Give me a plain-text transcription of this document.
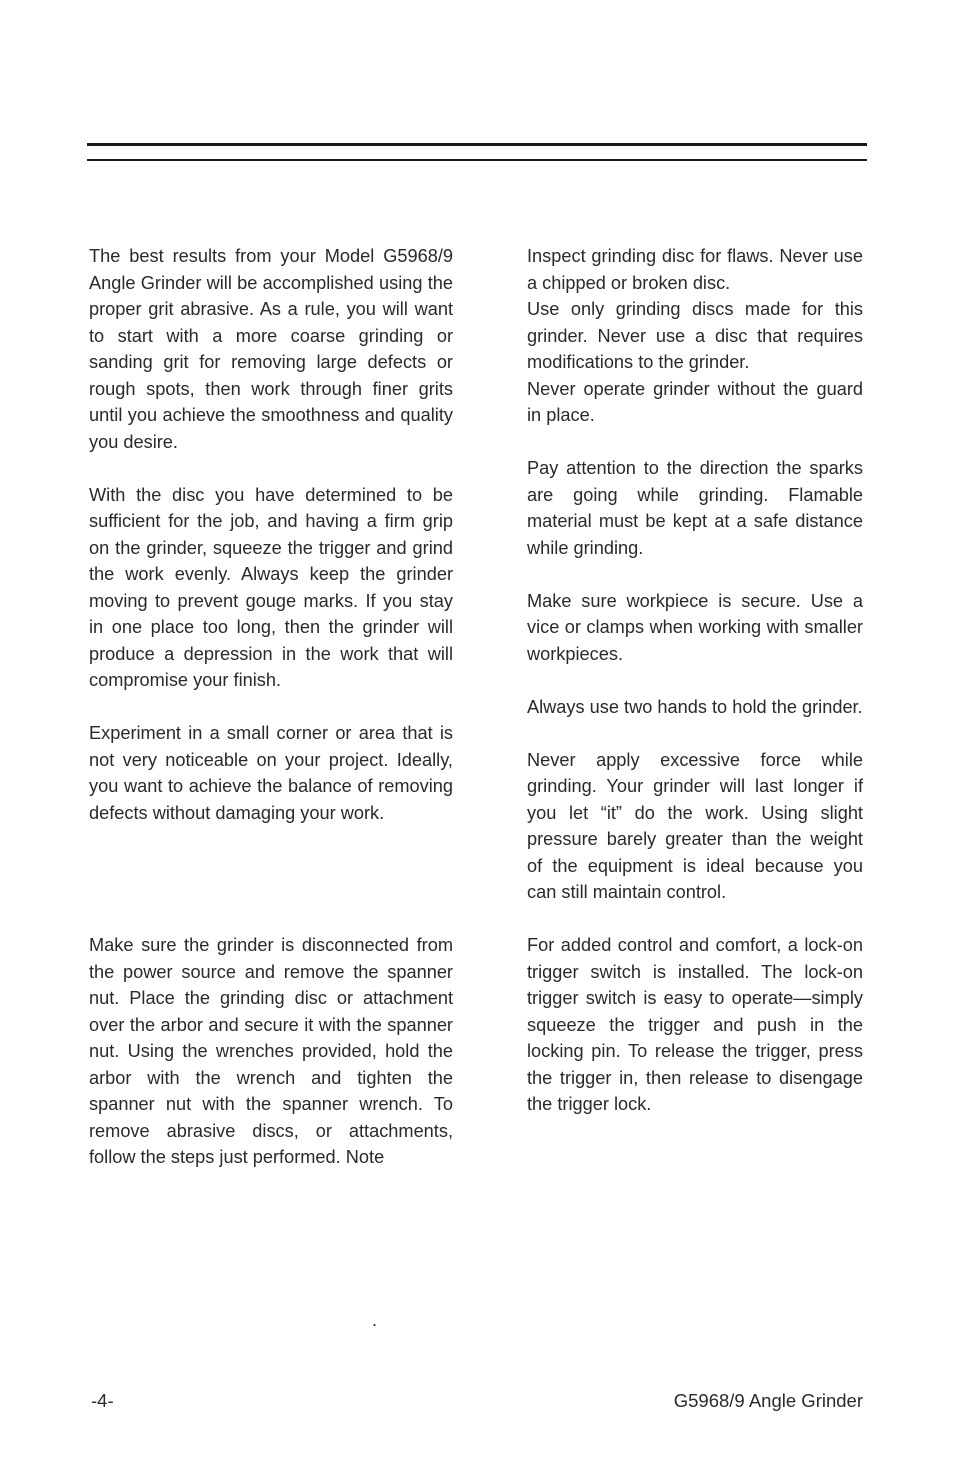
The best results from your Model G5968/9 Angle Grinder will be accomplished using the proper grit abrasive. As a rule, you will want to start with a more coarse grinding or sanding grit for removing large defects or rough spots, then work through finer grits until you achieve the smoothness and quality you desire.

With the disc you have determined to be sufficient for the job, and having a firm grip on the grinder, squeeze the trigger and grind the work evenly. Always keep the grinder moving to prevent gouge marks. If you stay in one place too long, then the grinder will produce a depression in the work that will compromise your finish.

Experiment in a small corner or area that is not very noticeable on your project. Ideally, you want to achieve the balance of removing defects without damaging your work.

Make sure the grinder is disconnected from the power source and remove the spanner nut. Place the grinding disc or attachment over the arbor and secure it with the spanner nut. Using the wrenches provided, hold the arbor with the wrench and tighten the spanner nut with the spanner wrench. To remove abrasive discs, or attachments, follow the steps just performed. Note

Inspect grinding disc for flaws. Never use a chipped or broken disc.

Use only grinding discs made for this grinder. Never use a disc that requires modifications to the grinder.

Never operate grinder without the guard in place.

Pay attention to the direction the sparks are going while grinding. Flamable material must be kept at a safe distance while grinding.

Make sure workpiece is secure. Use a vice or clamps when working with smaller workpieces.

Always use two hands to hold the grinder.

Never apply excessive force while grinding. Your grinder will last longer if you let “it” do the work. Using slight pressure barely greater than the weight of the equipment is ideal because you can still maintain control.

For added control and comfort, a lock-on trigger switch is installed. The lock-on trigger switch is easy to operate—simply squeeze the trigger and push in the locking pin. To release the trigger, press the trigger in, then release to disengage the trigger lock.

.
-4-	G5968/9 Angle Grinder
